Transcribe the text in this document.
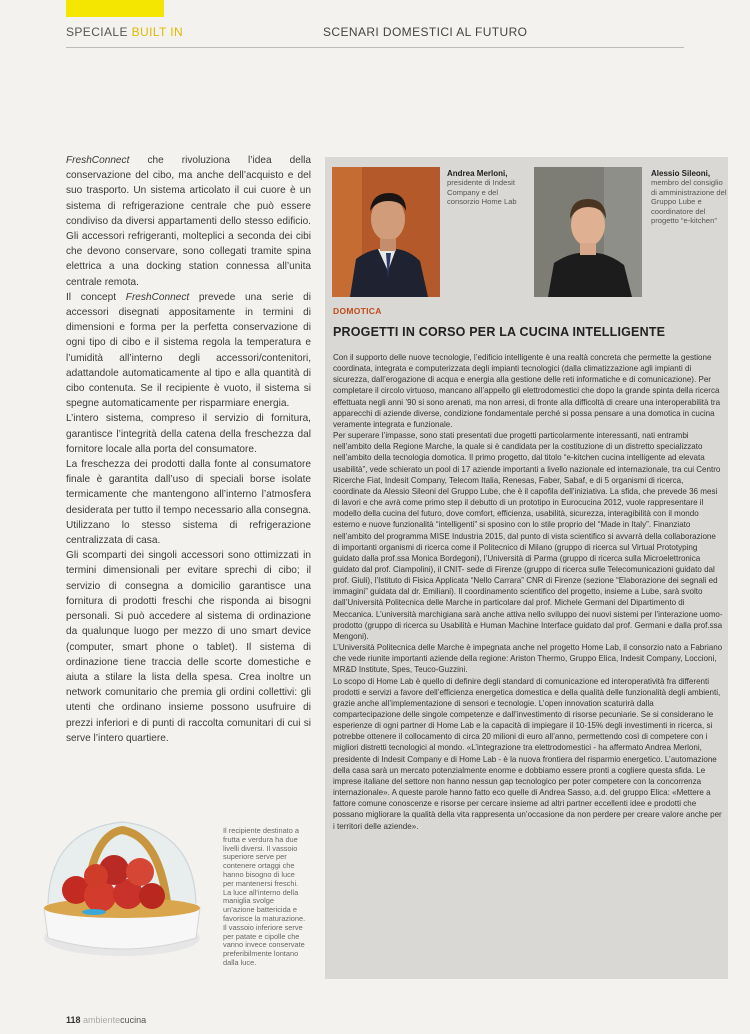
SPECIALE BUILT IN	SCENARI DOMESTICI AL FUTURO

FreshConnect che rivoluziona l’idea della conservazione del cibo, ma anche dell’acquisto e del suo trasporto. Un sistema articolato il cui cuore è un sistema di refrigerazione centrale che può essere condiviso da diversi appartamenti dello stesso edificio. Gli accessori refrigeranti, molteplici a seconda dei cibi che devono conservare, sono collegati tramite spina elettrica a una docking station connessa all’unita centrale remota.

Il concept FreshConnect prevede una serie di accessori disegnati appositamente in termini di dimensioni e forma per la perfetta conservazione di ogni tipo di cibo e il sistema regola la temperatura e l’umidità all’interno degli accessori/contenitori, adattandole automaticamente al tipo e alla quantità di cibo contenuta. Se il recipiente è vuoto, il sistema si spegne automaticamente per risparmiare energia.

L’intero sistema, compreso il servizio di fornitura, garantisce l’integrità della catena della freschezza dal fornitore locale alla porta del consumatore.

La freschezza dei prodotti dalla fonte al consumatore finale è garantita dall’uso di speciali borse isolate termicamente che mantengono all’interno l’atmosfera desiderata per tutto il tempo necessario alla consegna. Utilizzano lo stesso sistema di refrigerazione centralizzata di casa.

Gli scomparti dei singoli accessori sono ottimizzati in termini dimensionali per evitare sprechi di cibo; il servizio di consegna a domicilio garantisce una fornitura di prodotti freschi che risponda ai bisogni personali. Si può accedere al sistema di ordinazione da qualunque luogo per mezzo di uno smart device (computer, smart phone o tablet). Il sistema di ordinazione tiene traccia delle scorte domestiche e aiuta a stilare la lista della spesa. Crea inoltre un network comunitario che premia gli ordini collettivi: gli utenti che ordinano insieme possono usufruire di prezzi inferiori e di punti di raccolta comunitari di cui si serve l’intero quartiere.

Andrea Merloni,
presidente di Indesit Company e del consorzio Home Lab
Alessio Sileoni,
membro del consiglio di amministrazione del Gruppo Lube e coordinatore del progetto “e-kitchen”
DOMOTICA
PROGETTI IN CORSO PER LA CUCINA INTELLIGENTE

Con il supporto delle nuove tecnologie, l’edificio intelligente è una realtà concreta che permette la gestione coordinata, integrata e computerizzata degli impianti tecnologici (dalla climatizzazione agli impianti di sicurezza, dall’erogazione di acqua e energia alla gestione delle reti informatiche e di comunicazione). Per completare il circolo virtuoso, mancano all’appello gli elettrodomestici che dopo la grande spinta della ricerca effettuata negli anni ’90 si sono arenati, ma non arresi, di fronte alla difficoltà di creare una interoperabilità tra apparecchi di aziende diverse, condizione fondamentale perché si possa pensare a una domotica in cucina veramente integrata e funzionale.

Per superare l’impasse, sono stati presentati due progetti particolarmente interessanti, nati entrambi nell’ambito della Regione Marche, la quale si è candidata per la costituzione di un distretto specializzato nell’ambito della tecnologia domotica. Il primo progetto, dal titolo “e-kitchen cucina intelligente ad elevata usabilità”, vede schierato un pool di 17 aziende importanti a livello nazionale ed internazionale, tra cui Centro Ricerche Fiat, Indesit Company, Telecom Italia, Renesas, Faber, Sabaf, e di 5 organismi di ricerca, coordinate da Alessio Sileoni del Gruppo Lube, che è il capofila dell’iniziativa. La sfida, che prevede 36 mesi di lavori e che avrà come primo step il debutto di un prototipo in Eurocucina 2012, vuole rappresentare il modello della cucina del futuro, dove comfort, efficienza, usabilità, sicurezza, interagibilità con il mondo esterno e nuove funzionalità “intelligenti” si sposino con lo stile proprio del “Made in Italy”. Finanziato nell’ambito del programma MISE Industria 2015, dal punto di vista scientifico si avvarrà della collaborazione di importanti organismi di ricerca come il Politecnico di Milano (gruppo di ricerca sul Virtual Prototyping guidato dalla prof.ssa Monica Bordegoni), l’Università di Parma (gruppo di ricerca sulla Microelettronica guidato dal prof. Ciampolini), il CNIT- sede di Firenze (gruppo di ricerca sulle Telecomunicazioni guidato dal prof. Giuli), l’Istituto di Fisica Applicata “Nello Carrara” CNR di Firenze (sezione “Elaborazione dei segnali ed immagini” guidata dal dr. Emiliani). Il coordinamento scientifico del progetto, insieme a Lube, sarà svolto dall’Università Politecnica delle Marche in particolare dal prof. Michele Germani del Dipartimento di Meccanica. L’università marchigiana sarà anche attiva nello sviluppo dei nuovi sistemi per l’interazione uomo-prodotto (gruppo di ricerca su Usabilità e Human Machine Interface guidato dal prof. Germani e dalla prof.ssa Mengoni).

L’Università Politecnica delle Marche è impegnata anche nel progetto Home Lab, il consorzio nato a Fabriano che vede riunite importanti aziende della regione: Ariston Thermo, Gruppo Elica, Indesit Company, Loccioni, MR&D Institute, Spes, Teuco-Guzzini.

Lo scopo di Home Lab è quello di definire degli standard di comunicazione ed interoperatività fra differenti prodotti e servizi a favore dell’efficienza energetica domestica e della qualità delle funzionalità degli ambienti, grazie anche all’implementazione di sensori e tecnologie. L’open innovation scaturirà dalla compartecipazione delle singole competenze e dall’investimento di risorse pecuniarie. Se si considerano le esperienze di ogni partner di Home Lab e la capacità di impiegare il 10-15% degli investimenti in ricerca, si potrebbe ottenere il collocamento di circa 20 milioni di euro all’anno, permettendo così di competere con i migliori distretti tecnologici al mondo. «L’integrazione tra elettrodomestici - ha affermato Andrea Merloni, presidente di Indesit Company e di Home Lab - è la nuova frontiera del risparmio energetico. L’automazione della casa sarà un mercato potenzialmente enorme e dobbiamo essere pronti a cogliere questa sfida. Le imprese italiane del settore non hanno nessun gap tecnologico per poter competere con la concorrenza internazionale». A queste parole hanno fatto eco quelle di Andrea Sasso, a.d. del gruppo Elica: «Mettere a fattore comune conoscenze e risorse per cercare insieme ad altri partner eccellenti idee e prodotti che possano migliorare la qualità della vita rappresenta un’occasione da non perdere per creare valore anche per i territori delle aziende».

Il recipiente destinato a frutta e verdura ha due livelli diversi. Il vassoio superiore serve per contenere ortaggi che hanno bisogno di luce per mantenersi freschi. La luce all’interno della maniglia svolge un’azione battericida e favorisce la maturazione. Il vassoio inferiore serve per patate e cipolle che vanno invece conservate preferibilmente lontano dalla luce.
118 ambientecucina
